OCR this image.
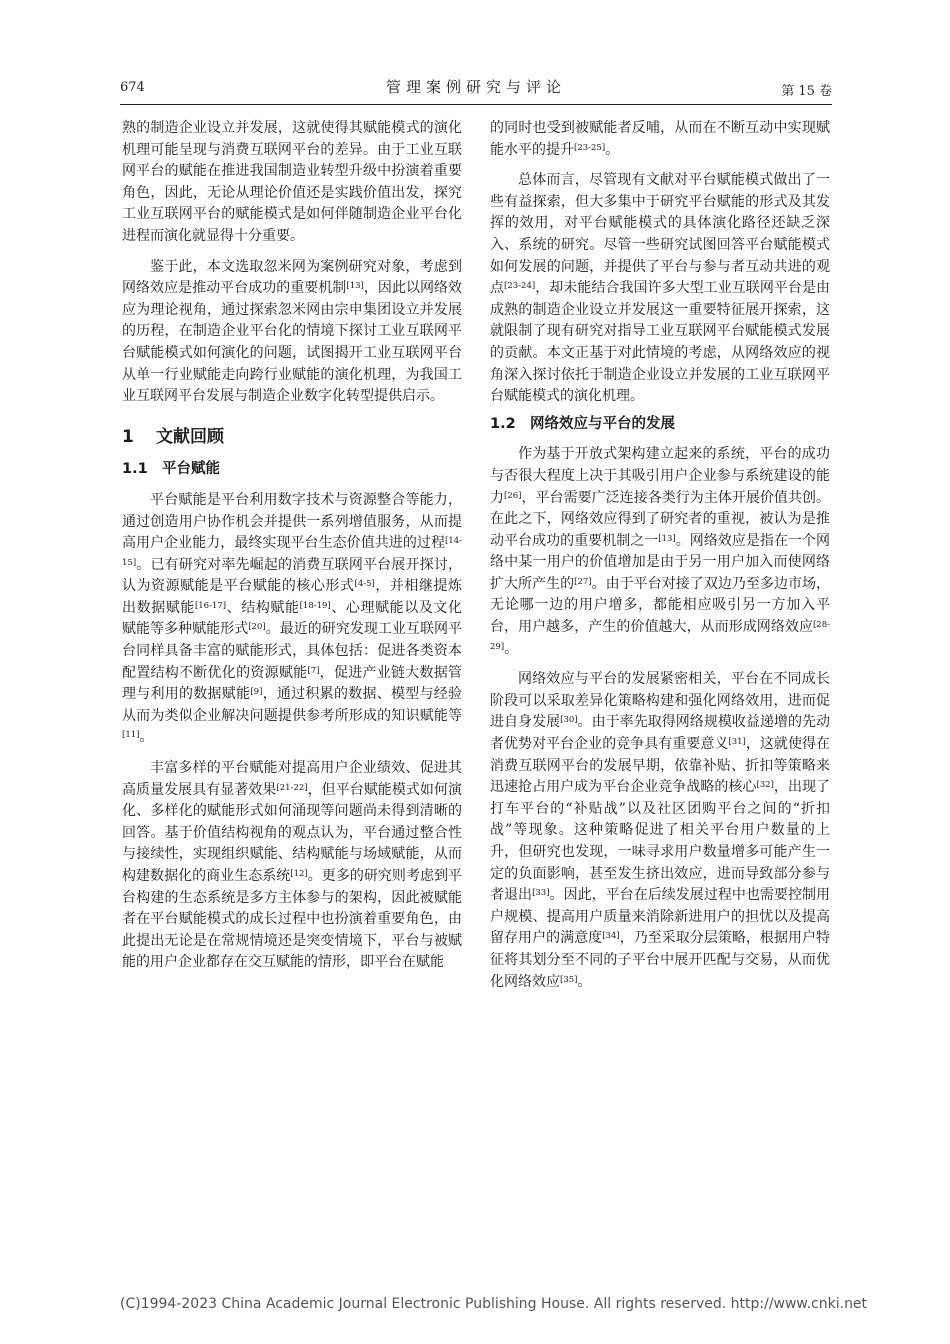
674	管理案例研究与评论	第 15 卷

熟的制造企业设立并发展，这就使得其赋能模式的演化机理可能呈现与消费互联网平台的差异。由于工业互联网平台的赋能在推进我国制造业转型升级中扮演着重要角色，因此，无论从理论价值还是实践价值出发，探究工业互联网平台的赋能模式是如何伴随制造企业平台化进程而演化就显得十分重要。

鉴于此，本文选取忽米网为案例研究对象，考虑到网络效应是推动平台成功的重要机制[13]，因此以网络效应为理论视角，通过探索忽米网由宗申集团设立并发展的历程，在制造企业平台化的情境下探讨工业互联网平台赋能模式如何演化的问题，试图揭开工业互联网平台从单一行业赋能走向跨行业赋能的演化机理，为我国工业互联网平台发展与制造企业数字化转型提供启示。

1 文献回顾

1.1 平台赋能

平台赋能是平台利用数字技术与资源整合等能力，通过创造用户协作机会并提供一系列增值服务，从而提高用户企业能力，最终实现平台生态价值共进的过程[14-15]。已有研究对率先崛起的消费互联网平台展开探讨，认为资源赋能是平台赋能的核心形式[4-5]，并相继提炼出数据赋能[16-17]、结构赋能[18-19]、心理赋能以及文化赋能等多种赋能形式[20]。最近的研究发现工业互联网平台同样具备丰富的赋能形式，具体包括：促进各类资本配置结构不断优化的资源赋能[7]，促进产业链大数据管理与利用的数据赋能[9]，通过积累的数据、模型与经验从而为类似企业解决问题提供参考所形成的知识赋能等[11]。

丰富多样的平台赋能对提高用户企业绩效、促进其高质量发展具有显著效果[21-22]，但平台赋能模式如何演化、多样化的赋能形式如何涌现等问题尚未得到清晰的回答。基于价值结构视角的观点认为，平台通过整合性与接续性，实现组织赋能、结构赋能与场域赋能，从而构建数据化的商业生态系统[12]。更多的研究则考虑到平台构建的生态系统是多方主体参与的架构，因此被赋能者在平台赋能模式的成长过程中也扮演着重要角色，由此提出无论是在常规情境还是突变情境下，平台与被赋能的用户企业都存在交互赋能的情形，即平台在赋能

的同时也受到被赋能者反哺，从而在不断互动中实现赋能水平的提升[23-25]。

总体而言，尽管现有文献对平台赋能模式做出了一些有益探索，但大多集中于研究平台赋能的形式及其发挥的效用，对平台赋能模式的具体演化路径还缺乏深入、系统的研究。尽管一些研究试图回答平台赋能模式如何发展的问题，并提供了平台与参与者互动共进的观点[23-24]，却未能结合我国许多大型工业互联网平台是由成熟的制造企业设立并发展这一重要特征展开探索，这就限制了现有研究对指导工业互联网平台赋能模式发展的贡献。本文正基于对此情境的考虑，从网络效应的视角深入探讨依托于制造企业设立并发展的工业互联网平台赋能模式的演化机理。

1.2 网络效应与平台的发展

作为基于开放式架构建立起来的系统，平台的成功与否很大程度上决于其吸引用户企业参与系统建设的能力[26]，平台需要广泛连接各类行为主体开展价值共创。在此之下，网络效应得到了研究者的重视，被认为是推动平台成功的重要机制之一[13]。网络效应是指在一个网络中某一用户的价值增加是由于另一用户加入而使网络扩大所产生的[27]。由于平台对接了双边乃至多边市场，无论哪一边的用户增多，都能相应吸引另一方加入平台，用户越多，产生的价值越大，从而形成网络效应[28-29]。

网络效应与平台的发展紧密相关，平台在不同成长阶段可以采取差异化策略构建和强化网络效用，进而促进自身发展[30]。由于率先取得网络规模收益递增的先动者优势对平台企业的竞争具有重要意义[31]，这就使得在消费互联网平台的发展早期，依靠补贴、折扣等策略来迅速抢占用户成为平台企业竞争战略的核心[32]，出现了打车平台的“补贴战”以及社区团购平台之间的“折扣战”等现象。这种策略促进了相关平台用户数量的上升，但研究也发现，一味寻求用户数量增多可能产生一定的负面影响，甚至发生挤出效应，进而导致部分参与者退出[33]。因此，平台在后续发展过程中也需要控制用户规模、提高用户质量来消除新进用户的担忧以及提高留存用户的满意度[34]，乃至采取分层策略，根据用户特征将其划分至不同的子平台中展开匹配与交易，从而优化网络效应[35]。

(C)1994-2023 China Academic Journal Electronic Publishing House. All rights reserved. http://www.cnki.net
